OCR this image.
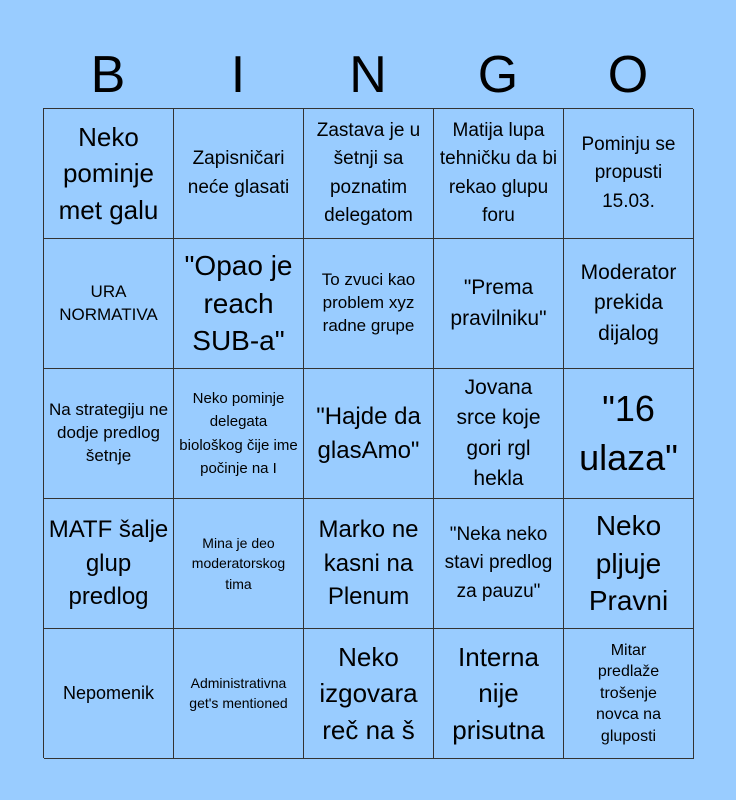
B	I	N	G	O
Neko pominje met galu
Zapisničari neće glasati
Zastava je u šetnji sa poznatim delegatom
Matija lupa tehničku da bi rekao glupu foru
Pominju se propusti 15.03.
URA NORMATIVA
"Opao je reach SUB-a"
To zvuci kao problem xyz radne grupe
"Prema pravilniku"
Moderator prekida dijalog
Na strategiju ne dodje predlog šetnje
Neko pominje delegata biološkog čije ime počinje na I
"Hajde da glasAmo"
Jovana srce koje gori rgl hekla
"16 ulaza"
MATF šalje glup predlog
Mina je deo moderatorskog tima
Marko ne kasni na Plenum
"Neka neko stavi predlog za pauzu"
Neko pljuje Pravni
Nepomenik
Administrativna get's mentioned
Neko izgovara reč na š
Interna nije prisutna
Mitar predlaže trošenje novca na gluposti
